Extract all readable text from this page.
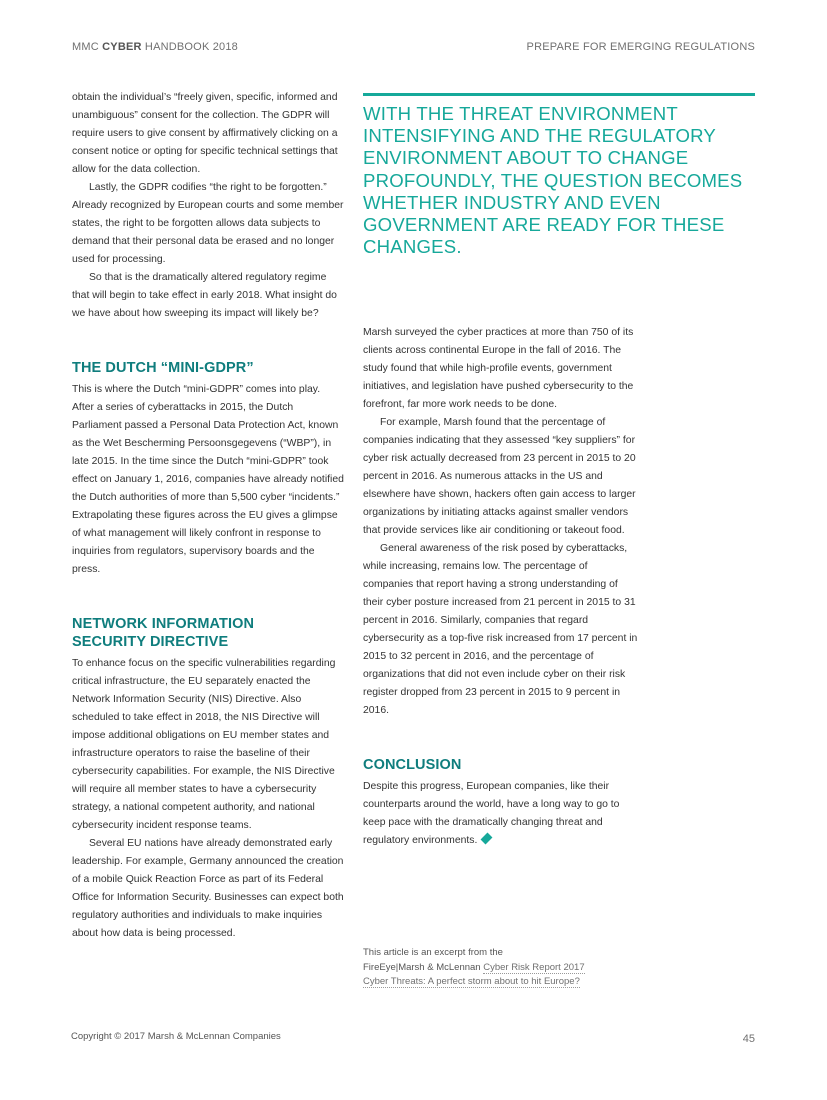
MMC CYBER HANDBOOK 2018	PREPARE FOR EMERGING REGULATIONS

obtain the individual’s “freely given, specific, informed and unambiguous” consent for the collection. The GDPR will require users to give consent by affirmatively clicking on a consent notice or opting for specific technical settings that allow for the data collection.

Lastly, the GDPR codifies “the right to be forgotten.” Already recognized by European courts and some member states, the right to be forgotten allows data subjects to demand that their personal data be erased and no longer used for processing.

So that is the dramatically altered regulatory regime that will begin to take effect in early 2018. What insight do we have about how sweeping its impact will likely be?

THE DUTCH “MINI-GDPR”

This is where the Dutch “mini-GDPR” comes into play. After a series of cyberattacks in 2015, the Dutch Parliament passed a Personal Data Protection Act, known as the Wet Bescherming Persoonsgegevens (“WBP”), in late 2015. In the time since the Dutch “mini-GDPR” took effect on January 1, 2016, companies have already notified the Dutch authorities of more than 5,500 cyber “incidents.” Extrapolating these figures across the EU gives a glimpse of what management will likely confront in response to inquiries from regulators, supervisory boards and the press.

NETWORK INFORMATION
SECURITY DIRECTIVE

To enhance focus on the specific vulnerabilities regarding critical infrastructure, the EU separately enacted the Network Information Security (NIS) Directive. Also scheduled to take effect in 2018, the NIS Directive will impose additional obligations on EU member states and infrastructure operators to raise the baseline of their cybersecurity capabilities. For example, the NIS Directive will require all member states to have a cybersecurity strategy, a national competent authority, and national cybersecurity incident response teams.

Several EU nations have already demonstrated early leadership. For example, Germany announced the creation of a mobile Quick Reaction Force as part of its Federal Office for Information Security. Businesses can expect both regulatory authorities and individuals to make inquiries about how data is being processed.

WITH THE THREAT ENVIRONMENT INTENSIFYING AND THE REGULATORY ENVIRONMENT ABOUT TO CHANGE PROFOUNDLY, THE QUESTION BECOMES WHETHER INDUSTRY AND EVEN GOVERNMENT ARE READY FOR THESE CHANGES.

Marsh surveyed the cyber practices at more than 750 of its clients across continental Europe in the fall of 2016. The study found that while high-profile events, government initiatives, and legislation have pushed cybersecurity to the forefront, far more work needs to be done.

For example, Marsh found that the percentage of companies indicating that they assessed “key suppliers” for cyber risk actually decreased from 23 percent in 2015 to 20 percent in 2016. As numerous attacks in the US and elsewhere have shown, hackers often gain access to larger organizations by initiating attacks against smaller vendors that provide services like air conditioning or takeout food.

General awareness of the risk posed by cyberattacks, while increasing, remains low. The percentage of companies that report having a strong understanding of their cyber posture increased from 21 percent in 2015 to 31 percent in 2016. Similarly, companies that regard cybersecurity as a top-five risk increased from 17 percent in 2015 to 32 percent in 2016, and the percentage of organizations that did not even include cyber on their risk register dropped from 23 percent in 2015 to 9 percent in 2016.

CONCLUSION

Despite this progress, European companies, like their counterparts around the world, have a long way to go to keep pace with the dramatically changing threat and regulatory environments.

This article is an excerpt from the
FireEye|Marsh & McLennan Cyber Risk Report 2017
Cyber Threats: A perfect storm about to hit Europe?
Copyright © 2017 Marsh & McLennan Companies	45
